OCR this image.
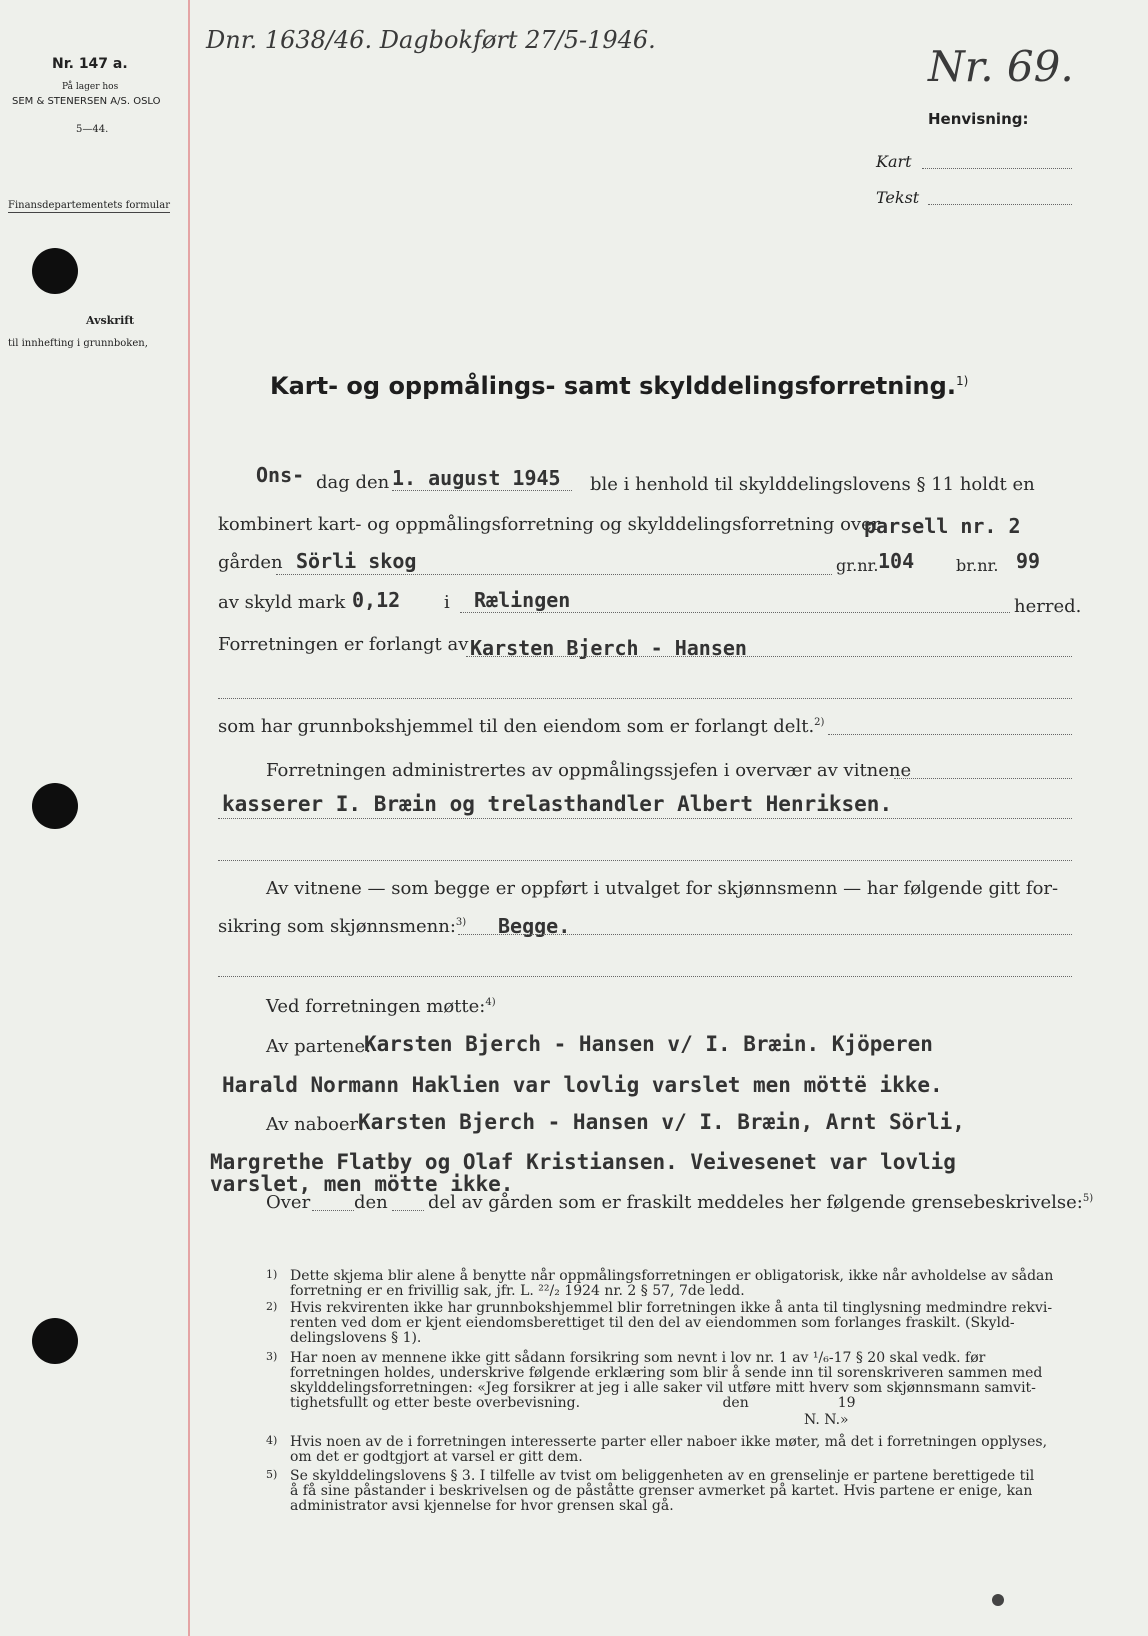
Nr. 147 a.
På lager hos
SEM & STENERSEN A/S. OSLO
5—44.
Finansdepartementets formular
Avskrift
til innhefting i grunnboken,
Dnr. 1638/46. Dagbokført 27/5-1946.
Nr. 69.
Henvisning:
Kart
Tekst
Kart- og oppmålings- samt skylddelingsforretning.$^{1)}$
Ons- dag den 1. august 1945 ble i henhold til skylddelingslovens § 11 holdt en
kombinert kart- og oppmålingsforretning og skylddelingsforretning over
parsell nr. 2
gården Sörli skog	gr.nr. 104	br.nr. 99
av skyld mark 0,12 i Rælingen	herred.
Forretningen er forlangt av Karsten Bjerch - Hansen
som har grunnbokshjemmel til den eiendom som er forlangt delt.$^{2)}$
Forretningen administrertes av oppmålingssjefen i overvær av vitnene
kasserer I. Bræin og trelasthandler Albert Henriksen.
Av vitnene — som begge er oppført i utvalget for skjønnsmenn — har følgende gitt for-
sikring som skjønnsmenn:$^{3)}$ Begge.
Ved forretningen møtte:$^{4)}$
Av partene:
Karsten Bjerch - Hansen v/ I. Bræin. Kjöperen
Harald Normann Haklien var lovlig varslet men möttë ikke.
Av naboer:
Karsten Bjerch - Hansen v/ I. Bræin, Arnt Sörli,
Margrethe Flatby og Olaf Kristiansen. Veivesenet var lovlig
varslet, men mötte ikke.
Over den del av gården som er fraskilt meddeles her følgende grensebeskrivelse:$^{5)}$
1) Dette skjema blir alene å benytte når oppmålingsforretningen er obligatorisk, ikke når avholdelse av sådan
forretning er en frivillig sak, jfr. L. ²²/₂ 1924 nr. 2 § 57, 7de ledd.
2) Hvis rekvirenten ikke har grunnbokshjemmel blir forretningen ikke å anta til tinglysning medmindre rekvi-
renten ved dom er kjent eiendomsberettiget til den del av eiendommen som forlanges fraskilt. (Skyld-
delingslovens § 1).
3) Har noen av mennene ikke gitt sådann forsikring som nevnt i lov nr. 1 av ¹/₆-17 § 20 skal vedk. før
forretningen holdes, underskrive følgende erklæring som blir å sende inn til sorenskriveren sammen med
skylddelingsforretningen: «Jeg forsikrer at jeg i alle saker vil utføre mitt hverv som skjønnsmann samvit-
tighetsfullt og etter beste overbevisning.                                den                    19
N. N.»
4) Hvis noen av de i forretningen interesserte parter eller naboer ikke møter, må det i forretningen opplyses,
om det er godtgjort at varsel er gitt dem.
5) Se skylddelingslovens § 3. I tilfelle av tvist om beliggenheten av en grenselinje er partene berettigede til
å få sine påstander i beskrivelsen og de påståtte grenser avmerket på kartet. Hvis partene er enige, kan
administrator avsi kjennelse for hvor grensen skal gå.
